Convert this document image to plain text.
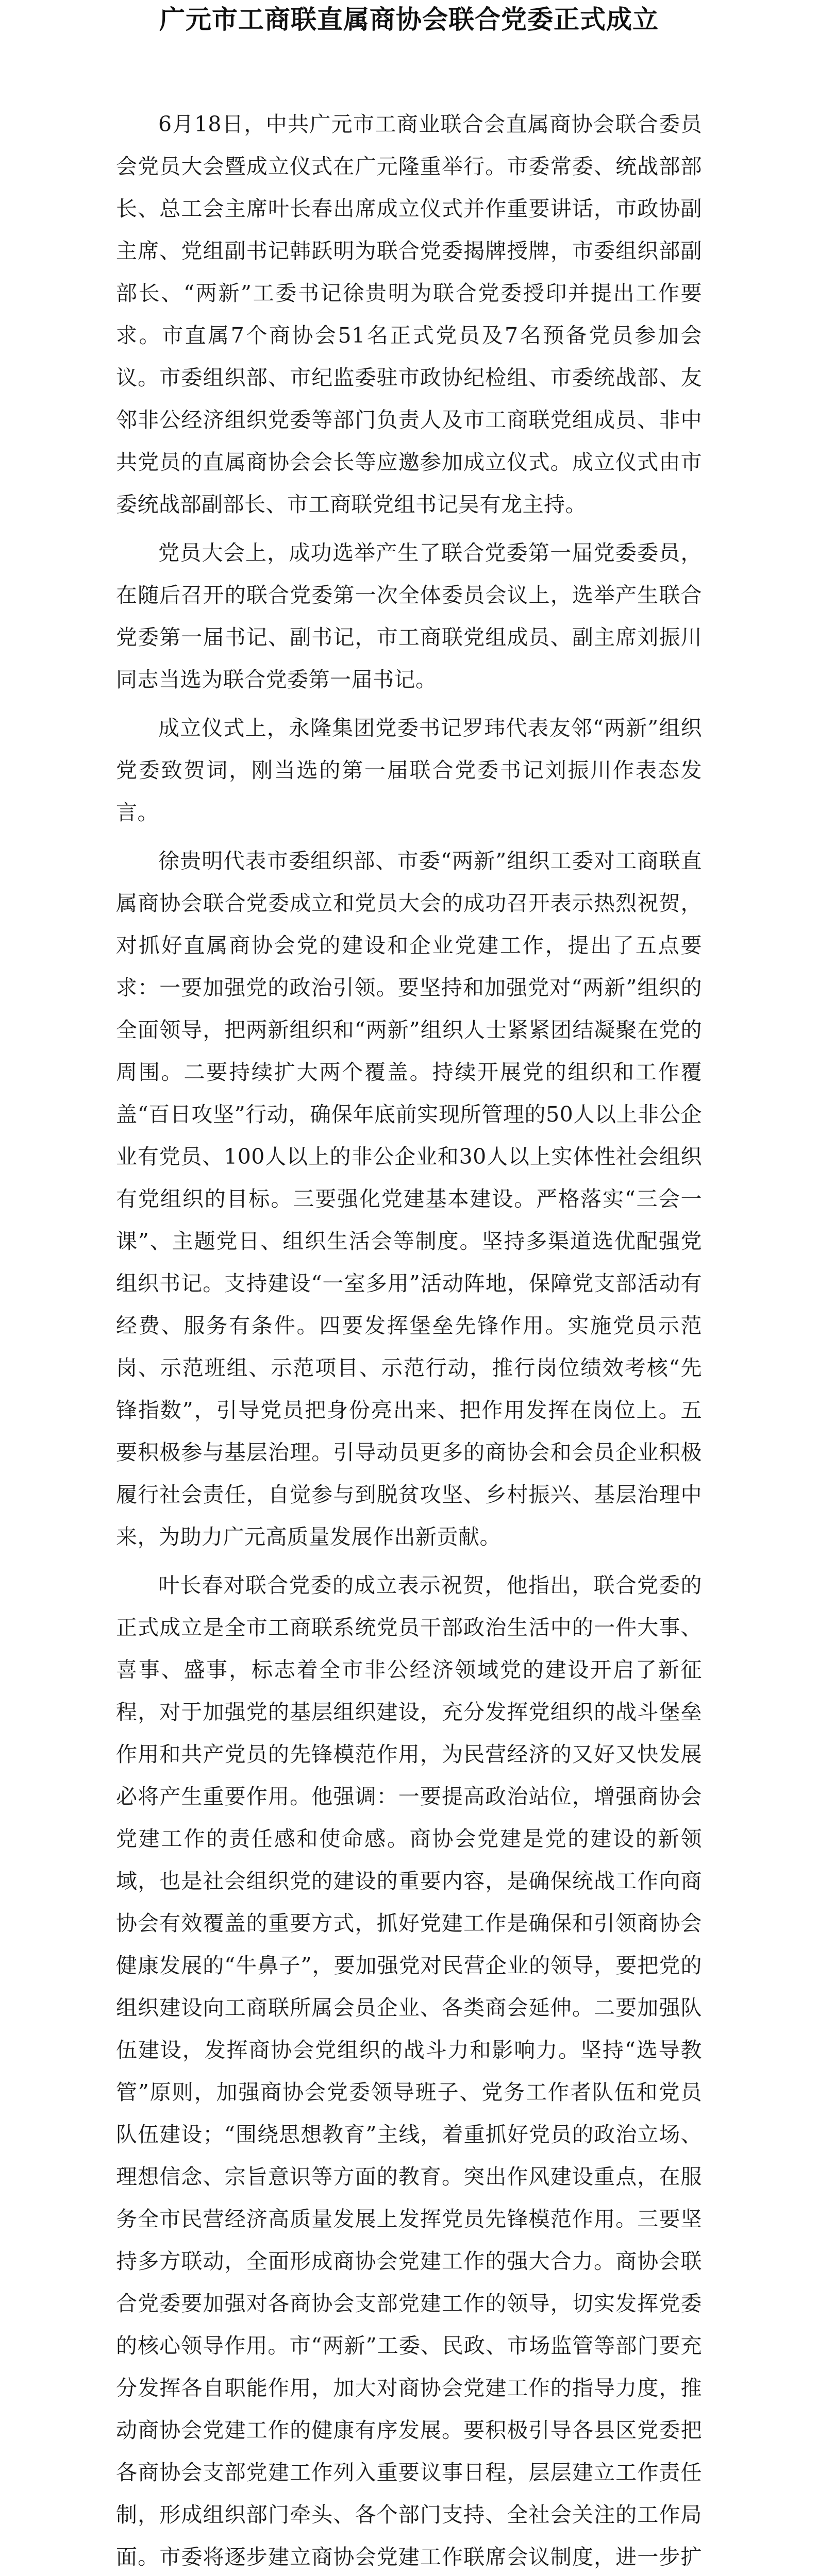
广元市工商联直属商协会联合党委正式成立

6月18日，中共广元市工商业联合会直属商协会联合委员会党员大会暨成立仪式在广元隆重举行。市委常委、统战部部长、总工会主席叶长春出席成立仪式并作重要讲话，市政协副主席、党组副书记韩跃明为联合党委揭牌授牌，市委组织部副部长、“两新”工委书记徐贵明为联合党委授印并提出工作要求。市直属7个商协会51名正式党员及7名预备党员参加会议。市委组织部、市纪监委驻市政协纪检组、市委统战部、友邻非公经济组织党委等部门负责人及市工商联党组成员、非中共党员的直属商协会会长等应邀参加成立仪式。成立仪式由市委统战部副部长、市工商联党组书记吴有龙主持。

党员大会上，成功选举产生了联合党委第一届党委委员，在随后召开的联合党委第一次全体委员会议上，选举产生联合党委第一届书记、副书记，市工商联党组成员、副主席刘振川同志当选为联合党委第一届书记。

成立仪式上，永隆集团党委书记罗玮代表友邻“两新”组织党委致贺词，刚当选的第一届联合党委书记刘振川作表态发言。

徐贵明代表市委组织部、市委“两新”组织工委对工商联直属商协会联合党委成立和党员大会的成功召开表示热烈祝贺，对抓好直属商协会党的建设和企业党建工作，提出了五点要求：一要加强党的政治引领。要坚持和加强党对“两新”组织的全面领导，把两新组织和“两新”组织人士紧紧团结凝聚在党的周围。二要持续扩大两个覆盖。持续开展党的组织和工作覆盖“百日攻坚”行动，确保年底前实现所管理的50人以上非公企业有党员、100人以上的非公企业和30人以上实体性社会组织有党组织的目标。三要强化党建基本建设。严格落实“三会一课”、主题党日、组织生活会等制度。坚持多渠道选优配强党组织书记。支持建设“一室多用”活动阵地，保障党支部活动有经费、服务有条件。四要发挥堡垒先锋作用。实施党员示范岗、示范班组、示范项目、示范行动，推行岗位绩效考核“先锋指数”，引导党员把身份亮出来、把作用发挥在岗位上。五要积极参与基层治理。引导动员更多的商协会和会员企业积极履行社会责任，自觉参与到脱贫攻坚、乡村振兴、基层治理中来，为助力广元高质量发展作出新贡献。

叶长春对联合党委的成立表示祝贺，他指出，联合党委的正式成立是全市工商联系统党员干部政治生活中的一件大事、喜事、盛事，标志着全市非公经济领域党的建设开启了新征程，对于加强党的基层组织建设，充分发挥党组织的战斗堡垒作用和共产党员的先锋模范作用，为民营经济的又好又快发展必将产生重要作用。他强调：一要提高政治站位，增强商协会党建工作的责任感和使命感。商协会党建是党的建设的新领域，也是社会组织党的建设的重要内容，是确保统战工作向商协会有效覆盖的重要方式，抓好党建工作是确保和引领商协会健康发展的“牛鼻子”，要加强党对民营企业的领导，要把党的组织建设向工商联所属会员企业、各类商会延伸。二要加强队伍建设，发挥商协会党组织的战斗力和影响力。坚持“选导教管”原则，加强商协会党委领导班子、党务工作者队伍和党员队伍建设；“围绕思想教育”主线，着重抓好党员的政治立场、理想信念、宗旨意识等方面的教育。突出作风建设重点，在服务全市民营经济高质量发展上发挥党员先锋模范作用。三要坚持多方联动，全面形成商协会党建工作的强大合力。商协会联合党委要加强对各商协会支部党建工作的领导，切实发挥党委的核心领导作用。市“两新”工委、民政、市场监管等部门要充分发挥各自职能作用，加大对商协会党建工作的指导力度，推动商协会党建工作的健康有序发展。要积极引导各县区党委把各商协会支部党建工作列入重要议事日程，层层建立工作责任制，形成组织部门牵头、各个部门支持、全社会关注的工作局面。市委将逐步建立商协会党建工作联席会议制度，进一步扩
